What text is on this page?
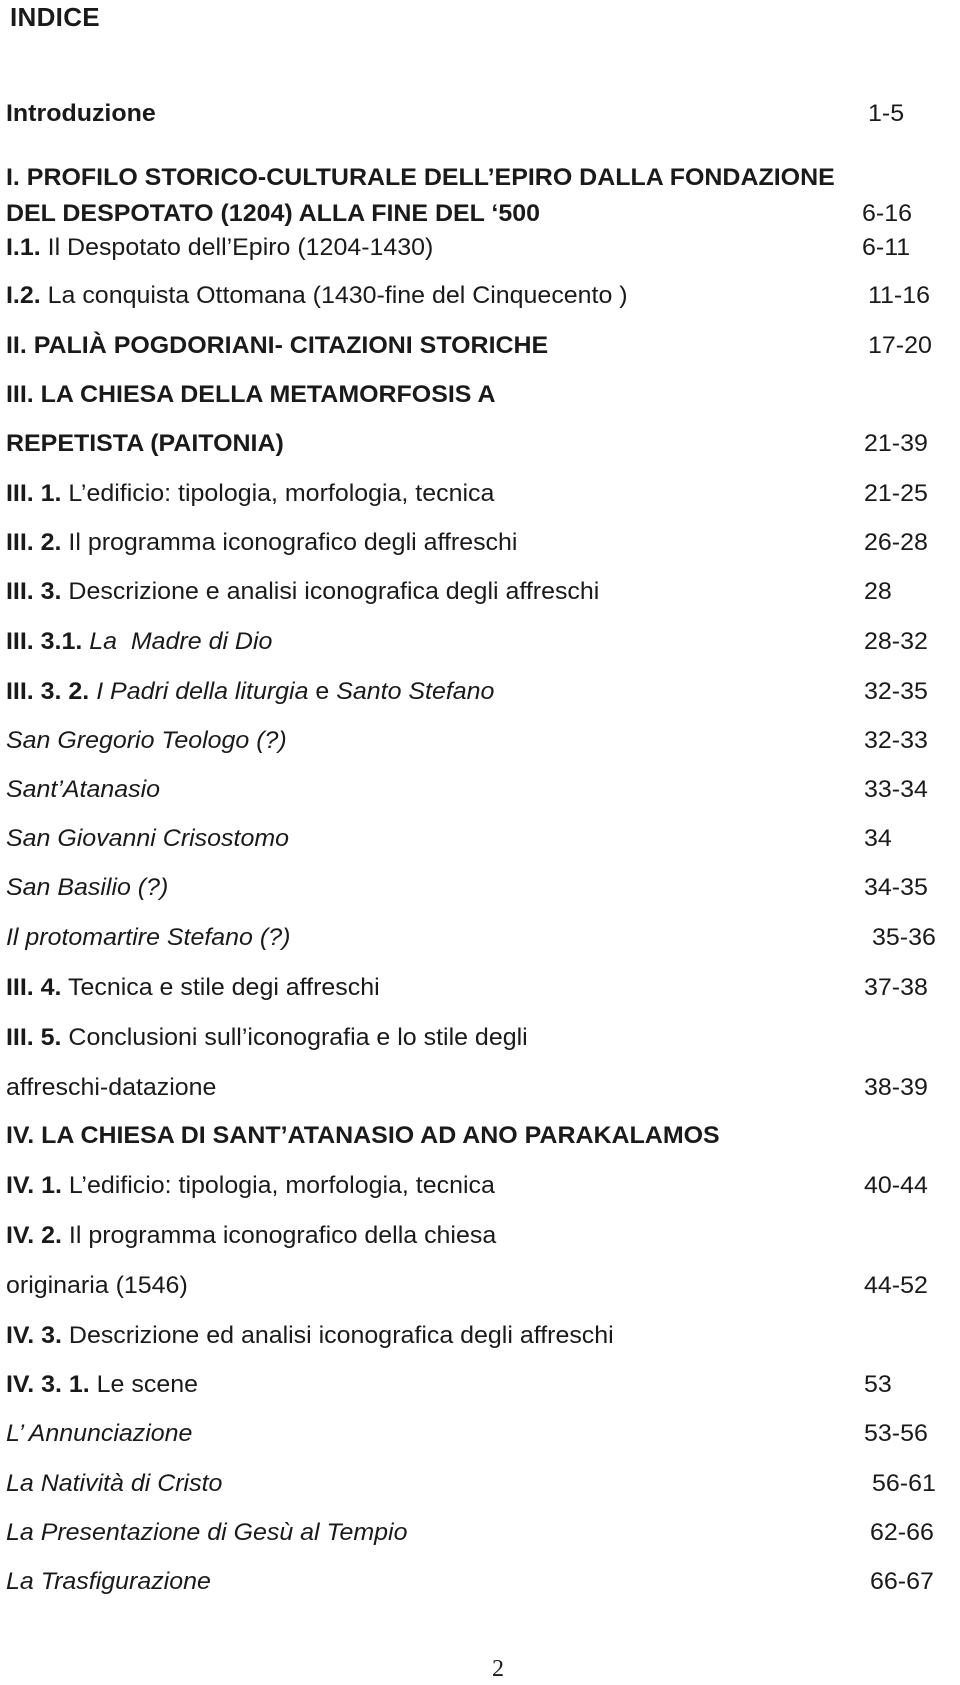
INDICE
Introduzione	1-5
I. PROFILO STORICO-CULTURALE DELL’EPIRO DALLA FONDAZIONE
DEL DESPOTATO (1204) ALLA FINE DEL ‘500	6-16
I.1. Il Despotato dell’Epiro (1204-1430)	6-11
I.2. La conquista Ottomana (1430-fine del Cinquecento )	11-16
II. PALIÀ POGDORIANI- CITAZIONI STORICHE	17-20
III. LA CHIESA DELLA METAMORFOSIS A
REPETISTA (PAITONIA)	21-39
III. 1. L’edificio: tipologia, morfologia, tecnica	21-25
III. 2. Il programma iconografico degli affreschi	26-28
III. 3. Descrizione e analisi iconografica degli affreschi	28
III. 3.1. La  Madre di Dio	28-32
III. 3. 2. I Padri della liturgia e Santo Stefano	32-35
San Gregorio Teologo (?)	32-33
Sant’Atanasio	33-34
San Giovanni Crisostomo	34
San Basilio (?)	34-35
Il protomartire Stefano (?)	35-36
III. 4. Tecnica e stile degi affreschi	37-38
III. 5. Conclusioni sull’iconografia e lo stile degli
affreschi-datazione	38-39
IV. LA CHIESA DI SANT’ATANASIO AD ANO PARAKALAMOS
IV. 1. L’edificio: tipologia, morfologia, tecnica	40-44
IV. 2. Il programma iconografico della chiesa
originaria (1546)	44-52
IV. 3. Descrizione ed analisi iconografica degli affreschi
IV. 3. 1. Le scene	53
L’ Annunciazione	53-56
La Natività di Cristo	56-61
La Presentazione di Gesù al Tempio	62-66
La Trasfigurazione	66-67
2
